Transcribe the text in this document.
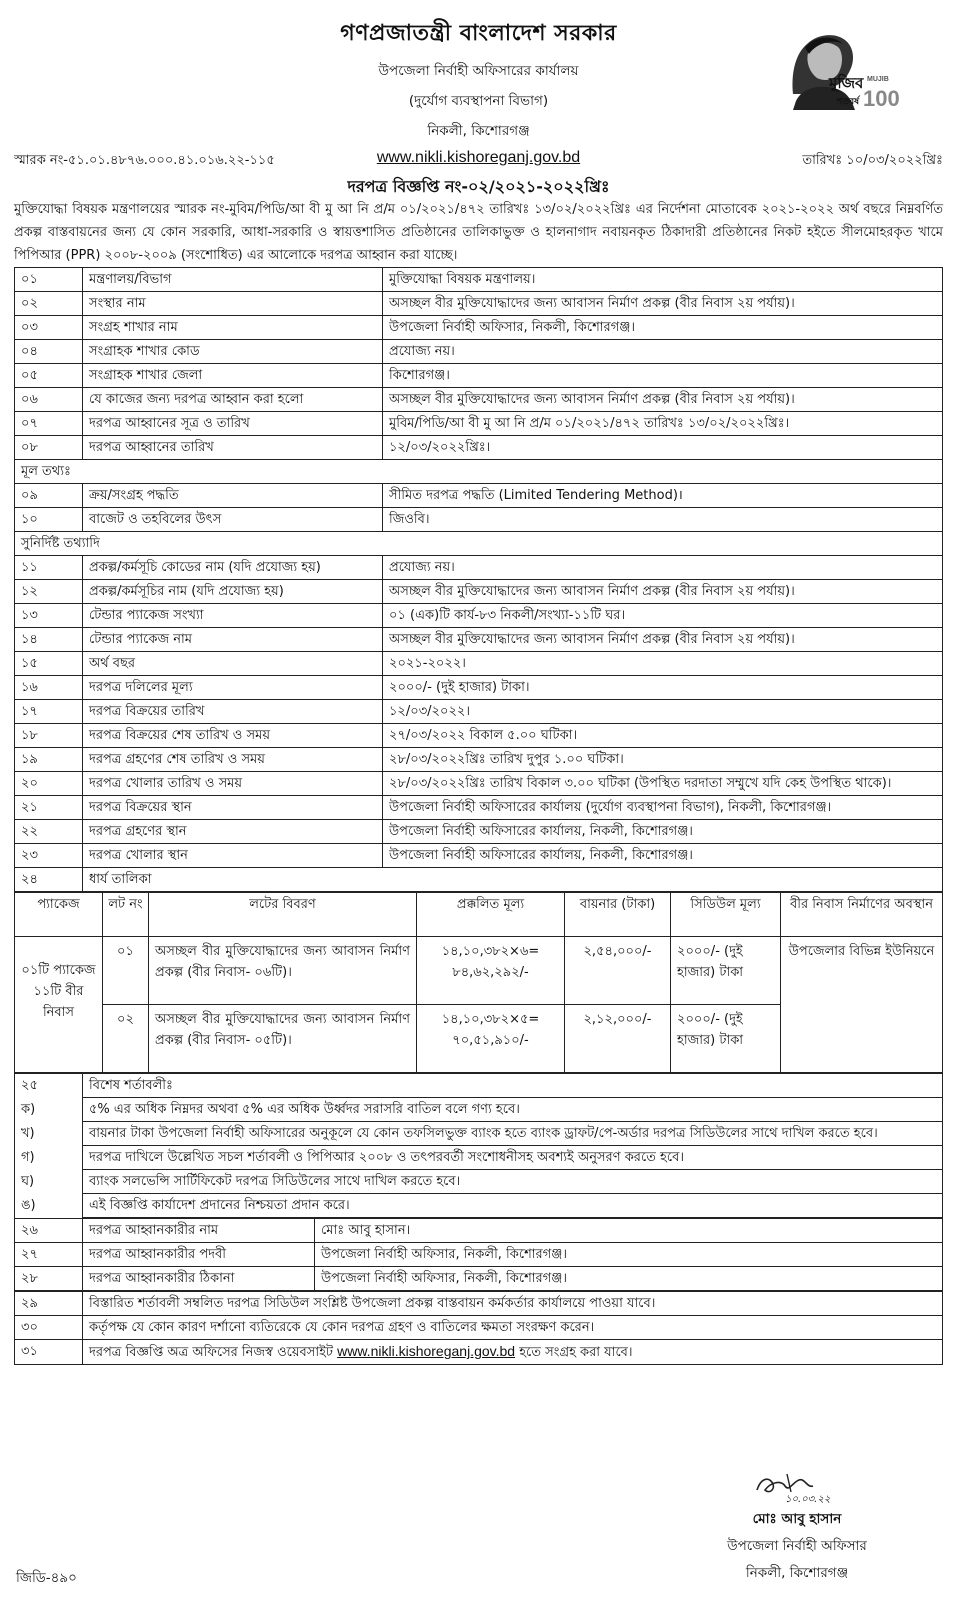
গণপ্রজাতন্ত্রী বাংলাদেশ সরকার
উপজেলা নির্বাহী অফিসারের কার্যালয়
(দুর্যোগ ব্যবস্থাপনা বিভাগ)
নিকলী, কিশোরগঞ্জ
www.nikli.kishoreganj.gov.bd
মুজিব MUJIB
শতবর্ষ 100
স্মারক নং-৫১.০১.৪৮৭৬.০০০.৪১.০১৬.২২-১১৫	তারিখঃ ১০/০৩/২০২২খ্রিঃ
দরপত্র বিজ্ঞপ্তি নং-০২/২০২১-২০২২খ্রিঃ
মুক্তিযোদ্ধা বিষয়ক মন্ত্রণালয়ের স্মারক নং-মুবিম/পিডি/আ বী মু আ নি প্র/ম ০১/২০২১/৪৭২ তারিখঃ ১৩/০২/২০২২খ্রিঃ এর নির্দেশনা মোতাবেক ২০২১-২০২২ অর্থ বছরে নিম্নবর্ণিত প্রকল্প বাস্তবায়নের জন্য যে কোন সরকারি, আধা-সরকারি ও স্বায়ত্তশাসিত প্রতিষ্ঠানের তালিকাভুক্ত ও হালনাগাদ নবায়নকৃত ঠিকাদারী প্রতিষ্ঠানের নিকট হইতে সীলমোহরকৃত খামে পিপিআর (PPR) ২০০৮-২০০৯ (সংশোধিত) এর আলোকে দরপত্র আহ্বান করা যাচ্ছে।
০১	মন্ত্রণালয়/বিভাগ	মুক্তিযোদ্ধা বিষয়ক মন্ত্রণালয়।
০২	সংস্থার নাম	অসচ্ছল বীর মুক্তিযোদ্ধাদের জন্য আবাসন নির্মাণ প্রকল্প (বীর নিবাস ২য় পর্যায়)।
০৩	সংগ্রহ শাখার নাম	উপজেলা নির্বাহী অফিসার, নিকলী, কিশোরগঞ্জ।
০৪	সংগ্রাহক শাখার কোড	প্রযোজ্য নয়।
০৫	সংগ্রাহক শাখার জেলা	কিশোরগঞ্জ।
০৬	যে কাজের জন্য দরপত্র আহ্বান করা হলো	অসচ্ছল বীর মুক্তিযোদ্ধাদের জন্য আবাসন নির্মাণ প্রকল্প (বীর নিবাস ২য় পর্যায়)।
০৭	দরপত্র আহ্বানের সূত্র ও তারিখ	মুবিম/পিডি/আ বী মু আ নি প্র/ম ০১/২০২১/৪৭২ তারিখঃ ১৩/০২/২০২২খ্রিঃ।
০৮	দরপত্র আহ্বানের তারিখ	১২/০৩/২০২২খ্রিঃ।
মূল তথ্যঃ		
০৯	ক্রয়/সংগ্রহ পদ্ধতি	সীমিত দরপত্র পদ্ধতি (Limited Tendering Method)।
১০	বাজেট ও তহবিলের উৎস	জিওবি।
সুনির্দিষ্ট তথ্যাদি		
১১	প্রকল্প/কর্মসূচি কোডের নাম (যদি প্রযোজ্য হয়)	প্রযোজ্য নয়।
১২	প্রকল্প/কর্মসূচির নাম (যদি প্রযোজ্য হয়)	অসচ্ছল বীর মুক্তিযোদ্ধাদের জন্য আবাসন নির্মাণ প্রকল্প (বীর নিবাস ২য় পর্যায়)।
১৩	টেন্ডার প্যাকেজ সংখ্যা	০১ (এক)টি কার্য-৮৩ নিকলী/সংখ্যা-১১টি ঘর।
১৪	টেন্ডার প্যাকেজ নাম	অসচ্ছল বীর মুক্তিযোদ্ধাদের জন্য আবাসন নির্মাণ প্রকল্প (বীর নিবাস ২য় পর্যায়)।
১৫	অর্থ বছর	২০২১-২০২২।
১৬	দরপত্র দলিলের মূল্য	২০০০/- (দুই হাজার) টাকা।
১৭	দরপত্র বিক্রয়ের তারিখ	১২/০৩/২০২২।
১৮	দরপত্র বিক্রয়ের শেষ তারিখ ও সময়	২৭/০৩/২০২২ বিকাল ৫.০০ ঘটিকা।
১৯	দরপত্র গ্রহণের শেষ তারিখ ও সময়	২৮/০৩/২০২২খ্রিঃ তারিখ দুপুর ১.০০ ঘটিকা।
২০	দরপত্র খোলার তারিখ ও সময়	২৮/০৩/২০২২খ্রিঃ তারিখ বিকাল ৩.০০ ঘটিকা (উপস্থিত দরদাতা সম্মুখে যদি কেহ উপস্থিত থাকে)।
২১	দরপত্র বিক্রয়ের স্থান	উপজেলা নির্বাহী অফিসারের কার্যালয় (দুর্যোগ ব্যবস্থাপনা বিভাগ), নিকলী, কিশোরগঞ্জ।
২২	দরপত্র গ্রহণের স্থান	উপজেলা নির্বাহী অফিসারের কার্যালয়, নিকলী, কিশোরগঞ্জ।
২৩	দরপত্র খোলার স্থান	উপজেলা নির্বাহী অফিসারের কার্যালয়, নিকলী, কিশোরগঞ্জ।
২৪	ধার্য তালিকা	
প্যাকেজ	লট নং	লটের বিবরণ	প্রক্কলিত মূল্য	বায়নার (টাকা)	সিডিউল মূল্য	বীর নিবাস নির্মাণের অবস্থান
০১টি প্যাকেজ ১১টি বীর নিবাস	০১	অসচ্ছল বীর মুক্তিযোদ্ধাদের জন্য আবাসন নির্মাণ প্রকল্প (বীর নিবাস- ০৬টি)।	১৪,১০,৩৮২×৬= ৮৪,৬২,২৯২/-	২,৫৪,০০০/-	২০০০/- (দুই হাজার) টাকা	উপজেলার বিভিন্ন ইউনিয়নে
	০২	অসচ্ছল বীর মুক্তিযোদ্ধাদের জন্য আবাসন নির্মাণ প্রকল্প (বীর নিবাস- ০৫টি)।	১৪,১০,৩৮২×৫= ৭০,৫১,৯১০/-	২,১২,০০০/-	২০০০/- (দুই হাজার) টাকা	
২৫	বিশেষ শর্তাবলীঃ
ক)	৫% এর অধিক নিম্নদর অথবা ৫% এর অধিক উর্ধ্বদর সরাসরি বাতিল বলে গণ্য হবে।
খ)	বায়নার টাকা উপজেলা নির্বাহী অফিসারের অনুকূলে যে কোন তফসিলভুক্ত ব্যাংক হতে ব্যাংক ড্রাফট/পে-অর্ডার দরপত্র সিডিউলের সাথে দাখিল করতে হবে।
গ)	দরপত্র দাখিলে উল্লেখিত সচল শর্তাবলী ও পিপিআর ২০০৮ ও তৎপরবর্তী সংশোধনীসহ অবশ্যই অনুসরণ করতে হবে।
ঘ)	ব্যাংক সলভেন্সি সার্টিফিকেট দরপত্র সিডিউলের সাথে দাখিল করতে হবে।
ঙ)	এই বিজ্ঞপ্তি কার্যাদেশ প্রদানের নিশ্চয়তা প্রদান করে।
২৬	দরপত্র আহ্বানকারীর নাম	মোঃ আবু হাসান।
২৭	দরপত্র আহ্বানকারীর পদবী	উপজেলা নির্বাহী অফিসার, নিকলী, কিশোরগঞ্জ।
২৮	দরপত্র আহ্বানকারীর ঠিকানা	উপজেলা নির্বাহী অফিসার, নিকলী, কিশোরগঞ্জ।
২৯	বিস্তারিত শর্তাবলী সম্বলিত দরপত্র সিডিউল সংশ্লিষ্ট উপজেলা প্রকল্প বাস্তবায়ন কর্মকর্তার কার্যালয়ে পাওয়া যাবে।
৩০	কর্তৃপক্ষ যে কোন কারণ দর্শানো ব্যতিরেকে যে কোন দরপত্র গ্রহণ ও বাতিলের ক্ষমতা সংরক্ষণ করেন।
৩১	দরপত্র বিজ্ঞপ্তি অত্র অফিসের নিজস্ব ওয়েবসাইট www.nikli.kishoreganj.gov.bd হতে সংগ্রহ করা যাবে।
১০.০৩.২২
মোঃ আবু হাসান
উপজেলা নির্বাহী অফিসার
নিকলী, কিশোরগঞ্জ
জিডি-৪৯০
